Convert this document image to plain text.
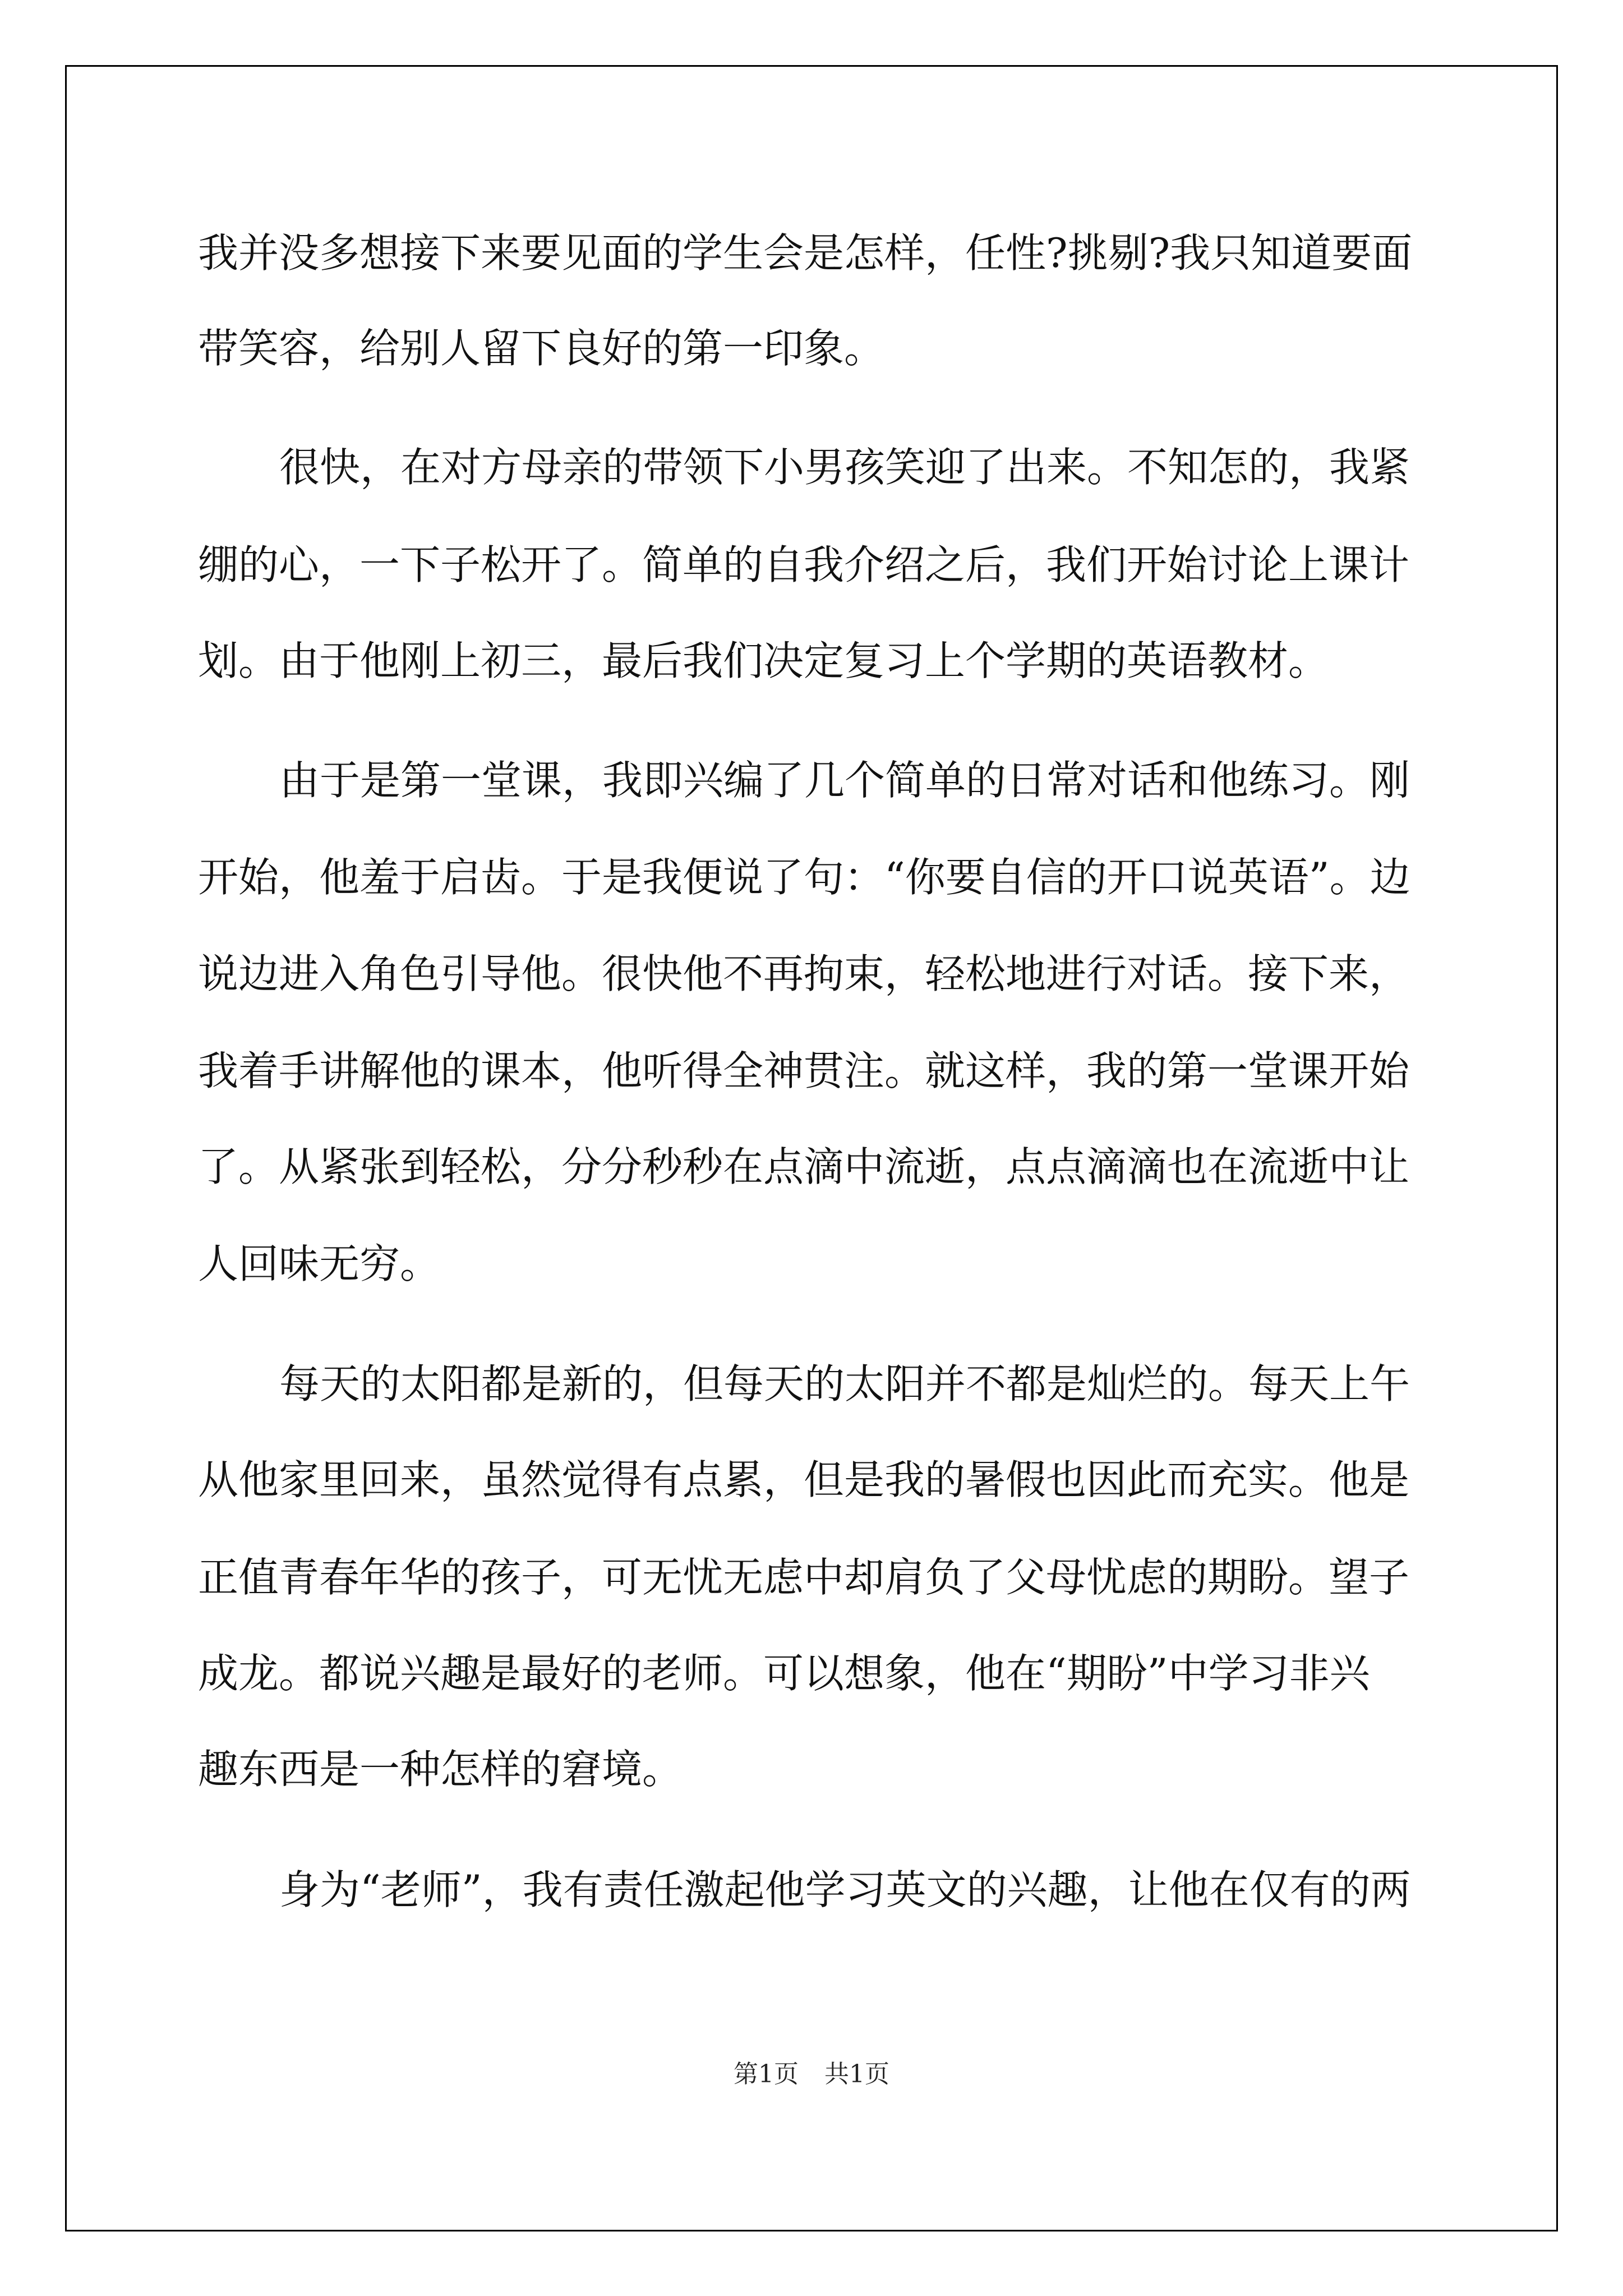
我并没多想接下来要见面的学生会是怎样，任性?挑剔?我只知道要面

带笑容，给别人留下良好的第一印象。

很快，在对方母亲的带领下小男孩笑迎了出来。不知怎的，我紧

绷的心，一下子松开了。简单的自我介绍之后，我们开始讨论上课计

划。由于他刚上初三，最后我们决定复习上个学期的英语教材。

由于是第一堂课，我即兴编了几个简单的日常对话和他练习。刚

开始，他羞于启齿。于是我便说了句：“你要自信的开口说英语”。边

说边进入角色引导他。很快他不再拘束，轻松地进行对话。接下来，

我着手讲解他的课本，他听得全神贯注。就这样，我的第一堂课开始

了。从紧张到轻松，分分秒秒在点滴中流逝，点点滴滴也在流逝中让

人回味无穷。

每天的太阳都是新的，但每天的太阳并不都是灿烂的。每天上午

从他家里回来，虽然觉得有点累，但是我的暑假也因此而充实。他是

正值青春年华的孩子，可无忧无虑中却肩负了父母忧虑的期盼。望子

成龙。都说兴趣是最好的老师。可以想象，他在“期盼”中学习非兴

趣东西是一种怎样的窘境。

身为“老师”，我有责任激起他学习英文的兴趣，让他在仅有的两

第1页 共1页
